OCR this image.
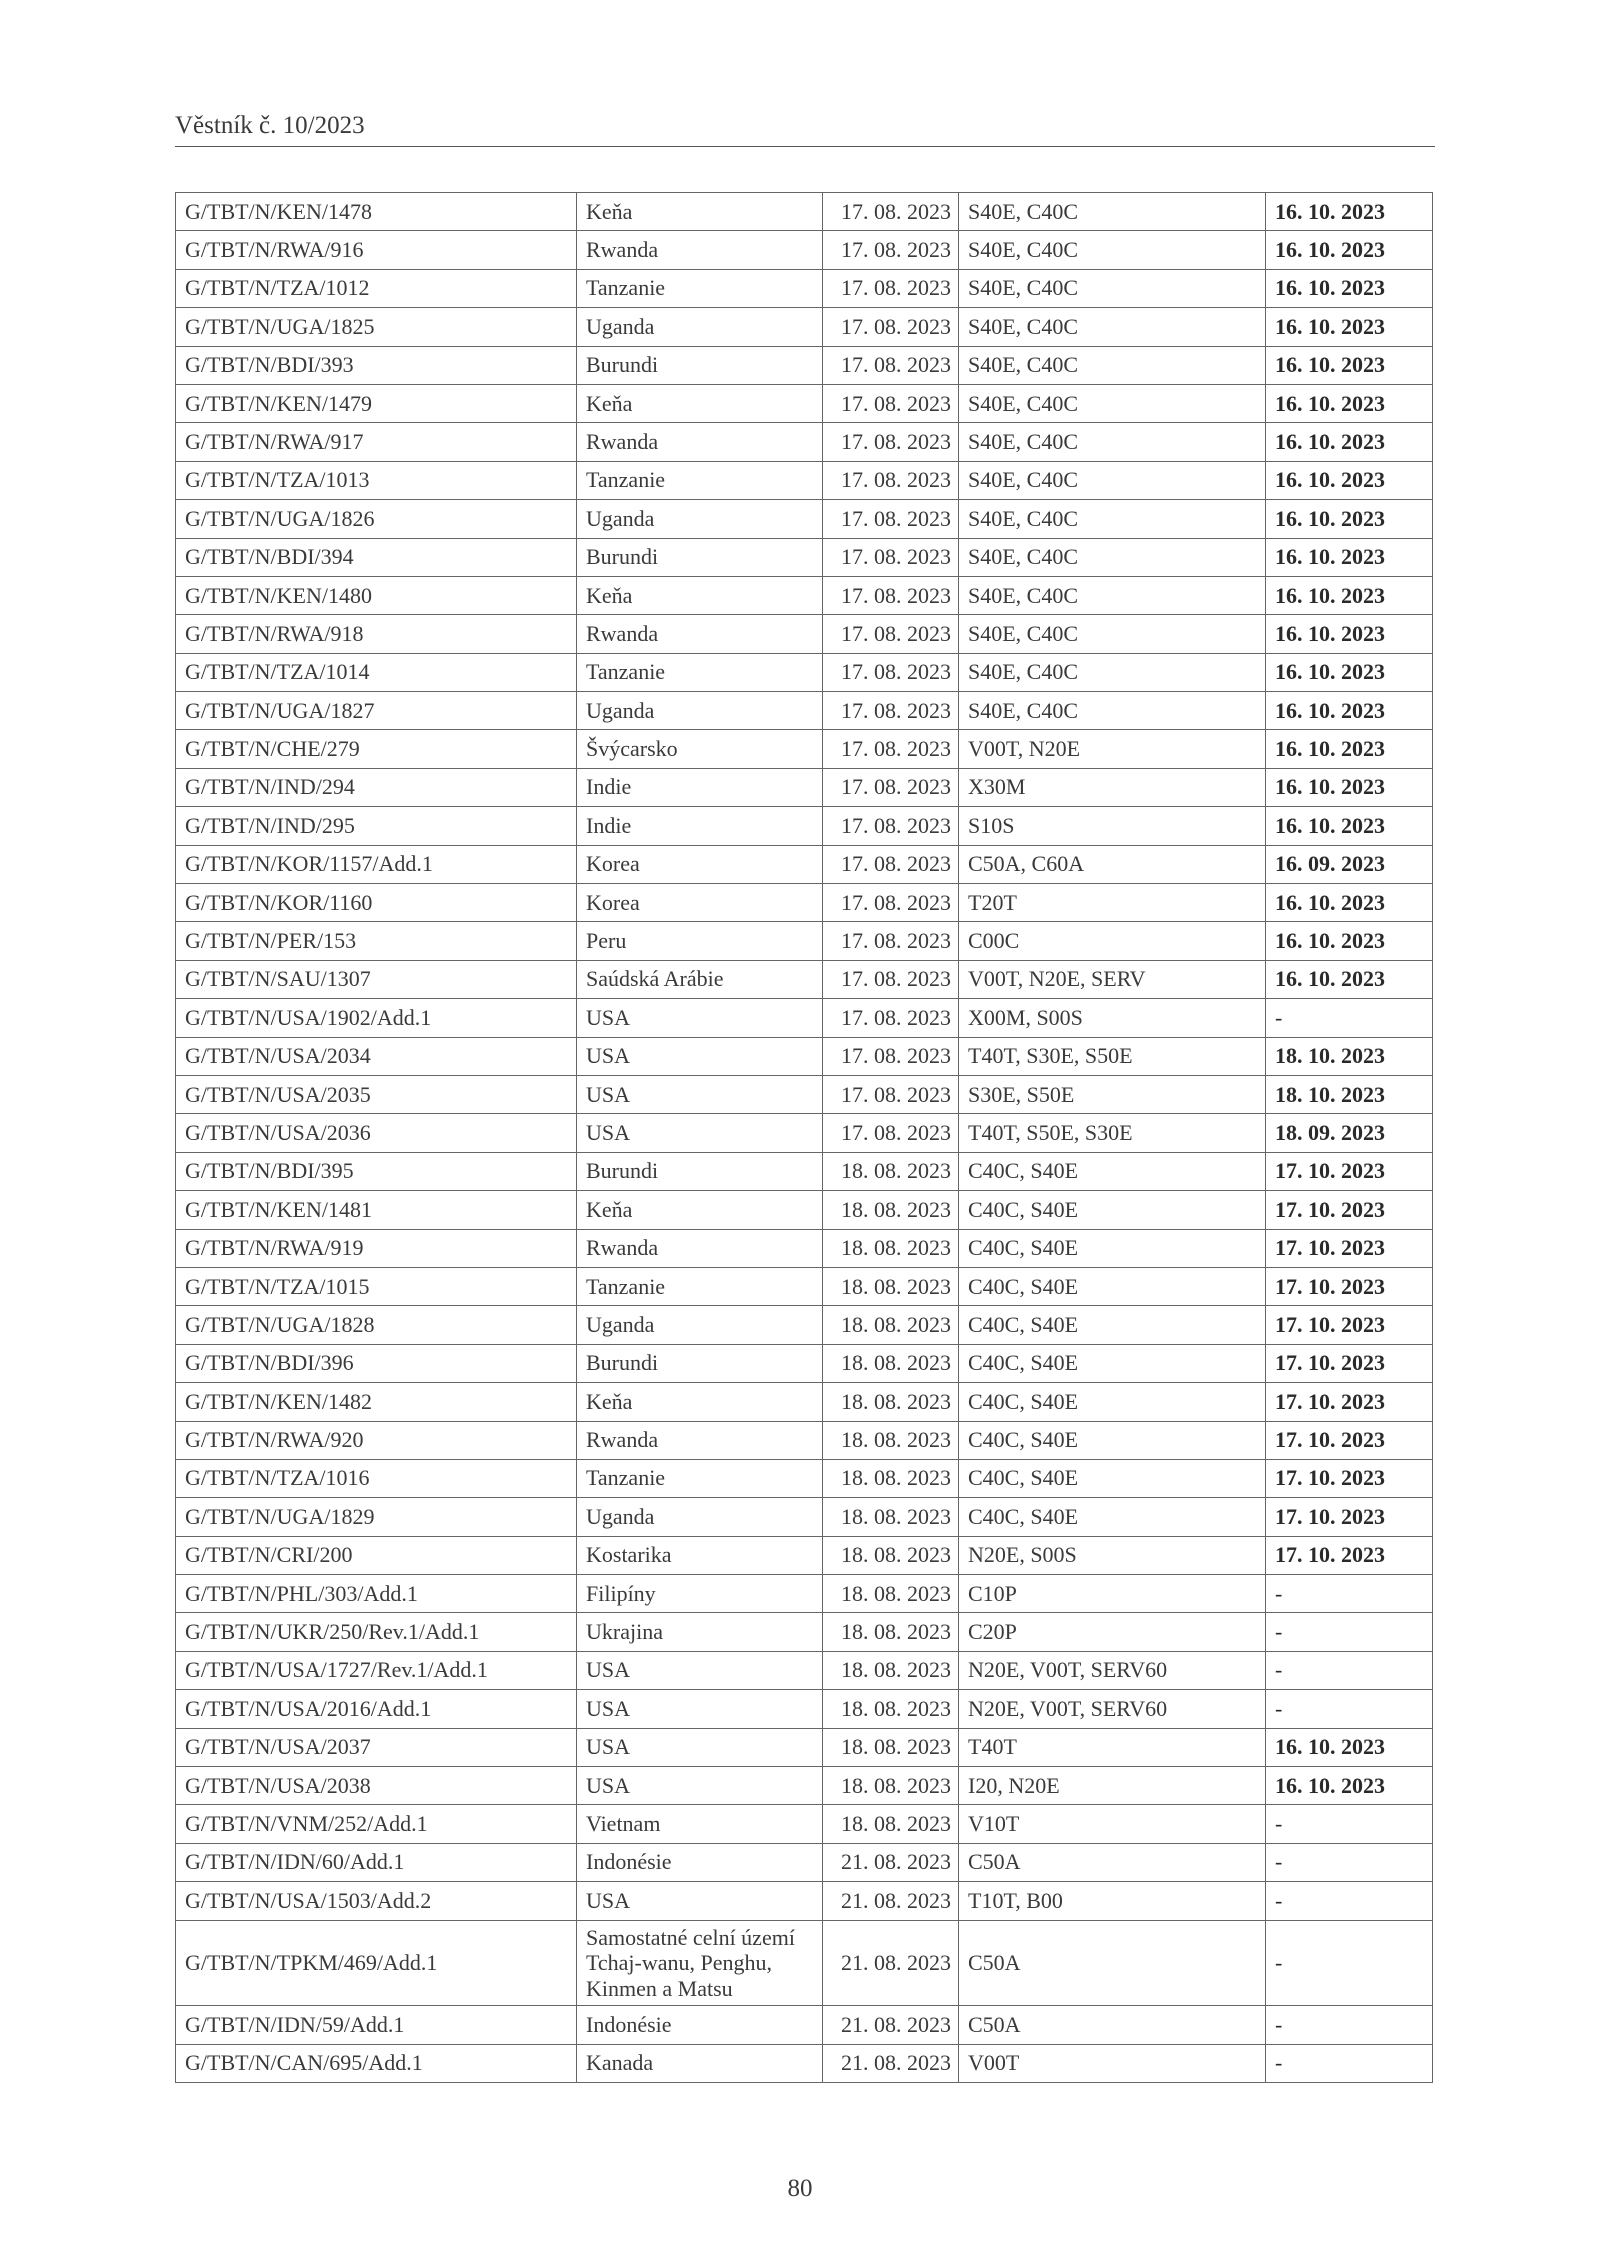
Věstník č. 10/2023
G/TBT/N/KEN/1478	Keňa	17. 08. 2023	S40E, C40C	16. 10. 2023
G/TBT/N/RWA/916	Rwanda	17. 08. 2023	S40E, C40C	16. 10. 2023
G/TBT/N/TZA/1012	Tanzanie	17. 08. 2023	S40E, C40C	16. 10. 2023
G/TBT/N/UGA/1825	Uganda	17. 08. 2023	S40E, C40C	16. 10. 2023
G/TBT/N/BDI/393	Burundi	17. 08. 2023	S40E, C40C	16. 10. 2023
G/TBT/N/KEN/1479	Keňa	17. 08. 2023	S40E, C40C	16. 10. 2023
G/TBT/N/RWA/917	Rwanda	17. 08. 2023	S40E, C40C	16. 10. 2023
G/TBT/N/TZA/1013	Tanzanie	17. 08. 2023	S40E, C40C	16. 10. 2023
G/TBT/N/UGA/1826	Uganda	17. 08. 2023	S40E, C40C	16. 10. 2023
G/TBT/N/BDI/394	Burundi	17. 08. 2023	S40E, C40C	16. 10. 2023
G/TBT/N/KEN/1480	Keňa	17. 08. 2023	S40E, C40C	16. 10. 2023
G/TBT/N/RWA/918	Rwanda	17. 08. 2023	S40E, C40C	16. 10. 2023
G/TBT/N/TZA/1014	Tanzanie	17. 08. 2023	S40E, C40C	16. 10. 2023
G/TBT/N/UGA/1827	Uganda	17. 08. 2023	S40E, C40C	16. 10. 2023
G/TBT/N/CHE/279	Švýcarsko	17. 08. 2023	V00T, N20E	16. 10. 2023
G/TBT/N/IND/294	Indie	17. 08. 2023	X30M	16. 10. 2023
G/TBT/N/IND/295	Indie	17. 08. 2023	S10S	16. 10. 2023
G/TBT/N/KOR/1157/Add.1	Korea	17. 08. 2023	C50A, C60A	16. 09. 2023
G/TBT/N/KOR/1160	Korea	17. 08. 2023	T20T	16. 10. 2023
G/TBT/N/PER/153	Peru	17. 08. 2023	C00C	16. 10. 2023
G/TBT/N/SAU/1307	Saúdská Arábie	17. 08. 2023	V00T, N20E, SERV	16. 10. 2023
G/TBT/N/USA/1902/Add.1	USA	17. 08. 2023	X00M, S00S	-
G/TBT/N/USA/2034	USA	17. 08. 2023	T40T, S30E, S50E	18. 10. 2023
G/TBT/N/USA/2035	USA	17. 08. 2023	S30E, S50E	18. 10. 2023
G/TBT/N/USA/2036	USA	17. 08. 2023	T40T, S50E, S30E	18. 09. 2023
G/TBT/N/BDI/395	Burundi	18. 08. 2023	C40C, S40E	17. 10. 2023
G/TBT/N/KEN/1481	Keňa	18. 08. 2023	C40C, S40E	17. 10. 2023
G/TBT/N/RWA/919	Rwanda	18. 08. 2023	C40C, S40E	17. 10. 2023
G/TBT/N/TZA/1015	Tanzanie	18. 08. 2023	C40C, S40E	17. 10. 2023
G/TBT/N/UGA/1828	Uganda	18. 08. 2023	C40C, S40E	17. 10. 2023
G/TBT/N/BDI/396	Burundi	18. 08. 2023	C40C, S40E	17. 10. 2023
G/TBT/N/KEN/1482	Keňa	18. 08. 2023	C40C, S40E	17. 10. 2023
G/TBT/N/RWA/920	Rwanda	18. 08. 2023	C40C, S40E	17. 10. 2023
G/TBT/N/TZA/1016	Tanzanie	18. 08. 2023	C40C, S40E	17. 10. 2023
G/TBT/N/UGA/1829	Uganda	18. 08. 2023	C40C, S40E	17. 10. 2023
G/TBT/N/CRI/200	Kostarika	18. 08. 2023	N20E, S00S	17. 10. 2023
G/TBT/N/PHL/303/Add.1	Filipíny	18. 08. 2023	C10P	-
G/TBT/N/UKR/250/Rev.1/Add.1	Ukrajina	18. 08. 2023	C20P	-
G/TBT/N/USA/1727/Rev.1/Add.1	USA	18. 08. 2023	N20E, V00T, SERV60	-
G/TBT/N/USA/2016/Add.1	USA	18. 08. 2023	N20E, V00T, SERV60	-
G/TBT/N/USA/2037	USA	18. 08. 2023	T40T	16. 10. 2023
G/TBT/N/USA/2038	USA	18. 08. 2023	I20, N20E	16. 10. 2023
G/TBT/N/VNM/252/Add.1	Vietnam	18. 08. 2023	V10T	-
G/TBT/N/IDN/60/Add.1	Indonésie	21. 08. 2023	C50A	-
G/TBT/N/USA/1503/Add.2	USA	21. 08. 2023	T10T, B00	-
G/TBT/N/TPKM/469/Add.1	Samostatné celní území Tchaj-wanu, Penghu, Kinmen a Matsu	21. 08. 2023	C50A	-
G/TBT/N/IDN/59/Add.1	Indonésie	21. 08. 2023	C50A	-
G/TBT/N/CAN/695/Add.1	Kanada	21. 08. 2023	V00T	-
80
